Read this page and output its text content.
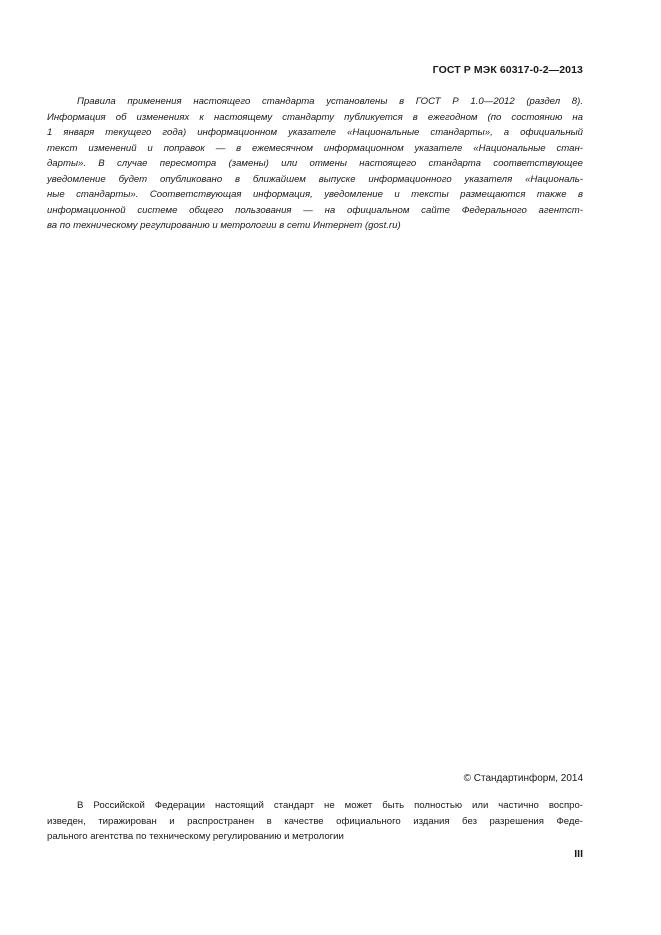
ГОСТ Р МЭК 60317-0-2—2013
Правила применения настоящего стандарта установлены в ГОСТ Р 1.0—2012 (раздел 8).
Информация об изменениях к настоящему стандарту публикуется в ежегодном (по состоянию на
1 января текущего года) информационном указателе «Национальные стандарты», а официальный
текст изменений и поправок — в ежемесячном информационном указателе «Национальные стан-
дарты». В случае пересмотра (замены) или отмены настоящего стандарта соответствующее
уведомление будет опубликовано в ближайшем выпуске информационного указателя «Националь-
ные стандарты». Соответствующая информация, уведомление и тексты размещаются также в
информационной системе общего пользования — на официальном сайте Федерального агентст-
ва по техническому регулированию и метрологии в сети Интернет (gost.ru)
© Стандартинформ, 2014
В Российской Федерации настоящий стандарт не может быть полностью или частично воспро-
изведен, тиражирован и распространен в качестве официального издания без разрешения Феде-
рального агентства по техническому регулированию и метрологии
III
